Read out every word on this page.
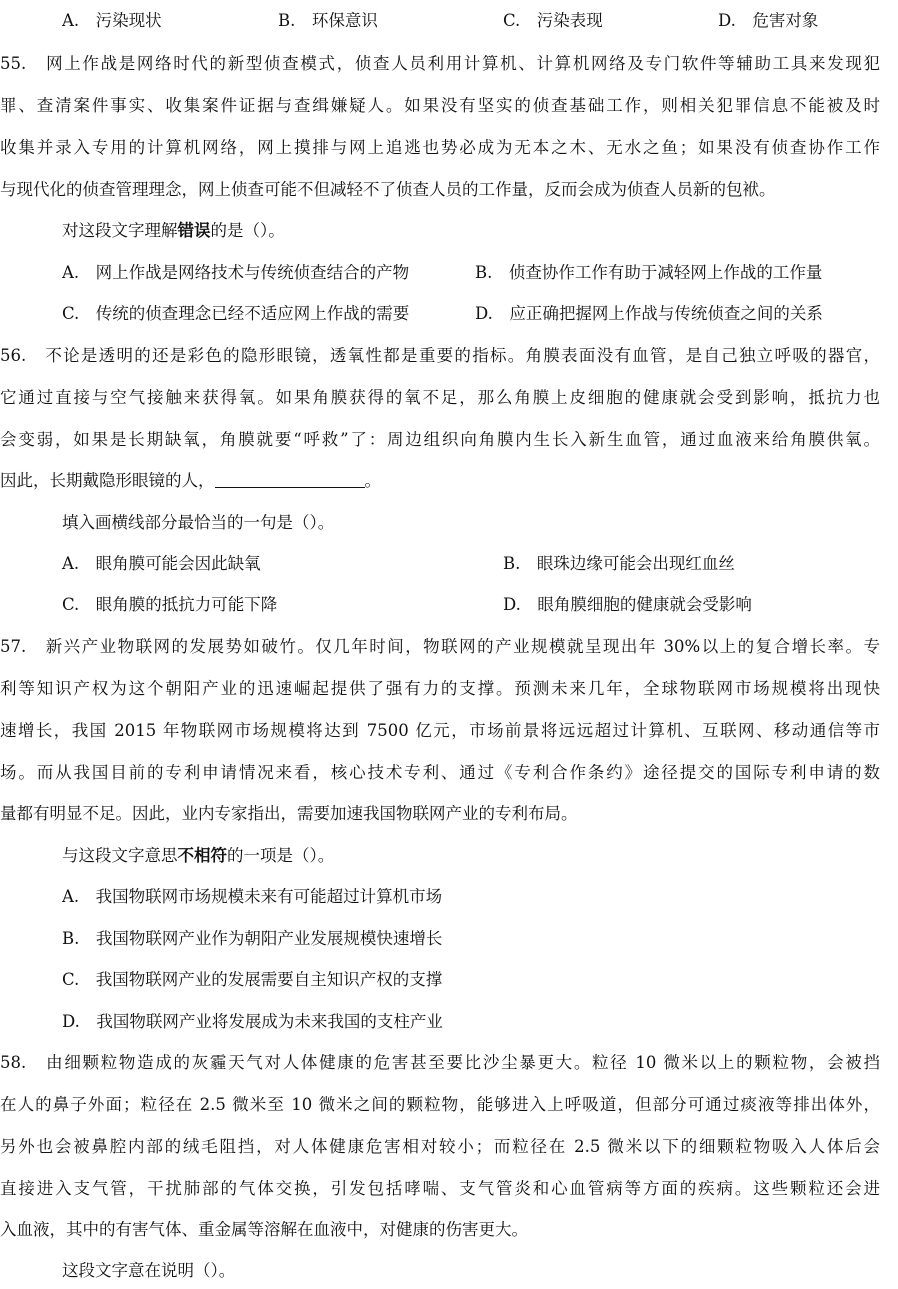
A.　污染现状	B.　环保意识	C.　污染表现	D.　危害对象
55.　网上作战是网络时代的新型侦查模式，侦查人员利用计算机、计算机网络及专门软件等辅助工具来发现犯
罪、查清案件事实、收集案件证据与查缉嫌疑人。如果没有坚实的侦查基础工作，则相关犯罪信息不能被及时
收集并录入专用的计算机网络，网上摸排与网上追逃也势必成为无本之木、无水之鱼；如果没有侦查协作工作
与现代化的侦查管理理念，网上侦查可能不但减轻不了侦查人员的工作量，反而会成为侦查人员新的包袱。
对这段文字理解错误的是（）。
A.　网上作战是网络技术与传统侦查结合的产物	B.　侦查协作工作有助于减轻网上作战的工作量
C.　传统的侦查理念已经不适应网上作战的需要	D.　应正确把握网上作战与传统侦查之间的关系
56.　不论是透明的还是彩色的隐形眼镜，透氧性都是重要的指标。角膜表面没有血管，是自己独立呼吸的器官，
它通过直接与空气接触来获得氧。如果角膜获得的氧不足，那么角膜上皮细胞的健康就会受到影响，抵抗力也
会变弱，如果是长期缺氧，角膜就要“呼救”了：周边组织向角膜内生长入新生血管，通过血液来给角膜供氧。
因此，长期戴隐形眼镜的人，	。
填入画横线部分最恰当的一句是（）。
A.　眼角膜可能会因此缺氧	B.　眼珠边缘可能会出现红血丝
C.　眼角膜的抵抗力可能下降	D.　眼角膜细胞的健康就会受影响
57.　新兴产业物联网的发展势如破竹。仅几年时间，物联网的产业规模就呈现出年 30%以上的复合增长率。专
利等知识产权为这个朝阳产业的迅速崛起提供了强有力的支撑。预测未来几年，全球物联网市场规模将出现快
速增长，我国 2015 年物联网市场规模将达到 7500 亿元，市场前景将远远超过计算机、互联网、移动通信等市
场。而从我国目前的专利申请情况来看，核心技术专利、通过《专利合作条约》途径提交的国际专利申请的数
量都有明显不足。因此，业内专家指出，需要加速我国物联网产业的专利布局。
与这段文字意思不相符的一项是（）。
A.　我国物联网市场规模未来有可能超过计算机市场
B.　我国物联网产业作为朝阳产业发展规模快速增长
C.　我国物联网产业的发展需要自主知识产权的支撑
D.　我国物联网产业将发展成为未来我国的支柱产业
58.　由细颗粒物造成的灰霾天气对人体健康的危害甚至要比沙尘暴更大。粒径 10 微米以上的颗粒物，会被挡
在人的鼻子外面；粒径在 2.5 微米至 10 微米之间的颗粒物，能够进入上呼吸道，但部分可通过痰液等排出体外，
另外也会被鼻腔内部的绒毛阻挡，对人体健康危害相对较小；而粒径在 2.5 微米以下的细颗粒物吸入人体后会
直接进入支气管，干扰肺部的气体交换，引发包括哮喘、支气管炎和心血管病等方面的疾病。这些颗粒还会进
入血液，其中的有害气体、重金属等溶解在血液中，对健康的伤害更大。
这段文字意在说明（）。
